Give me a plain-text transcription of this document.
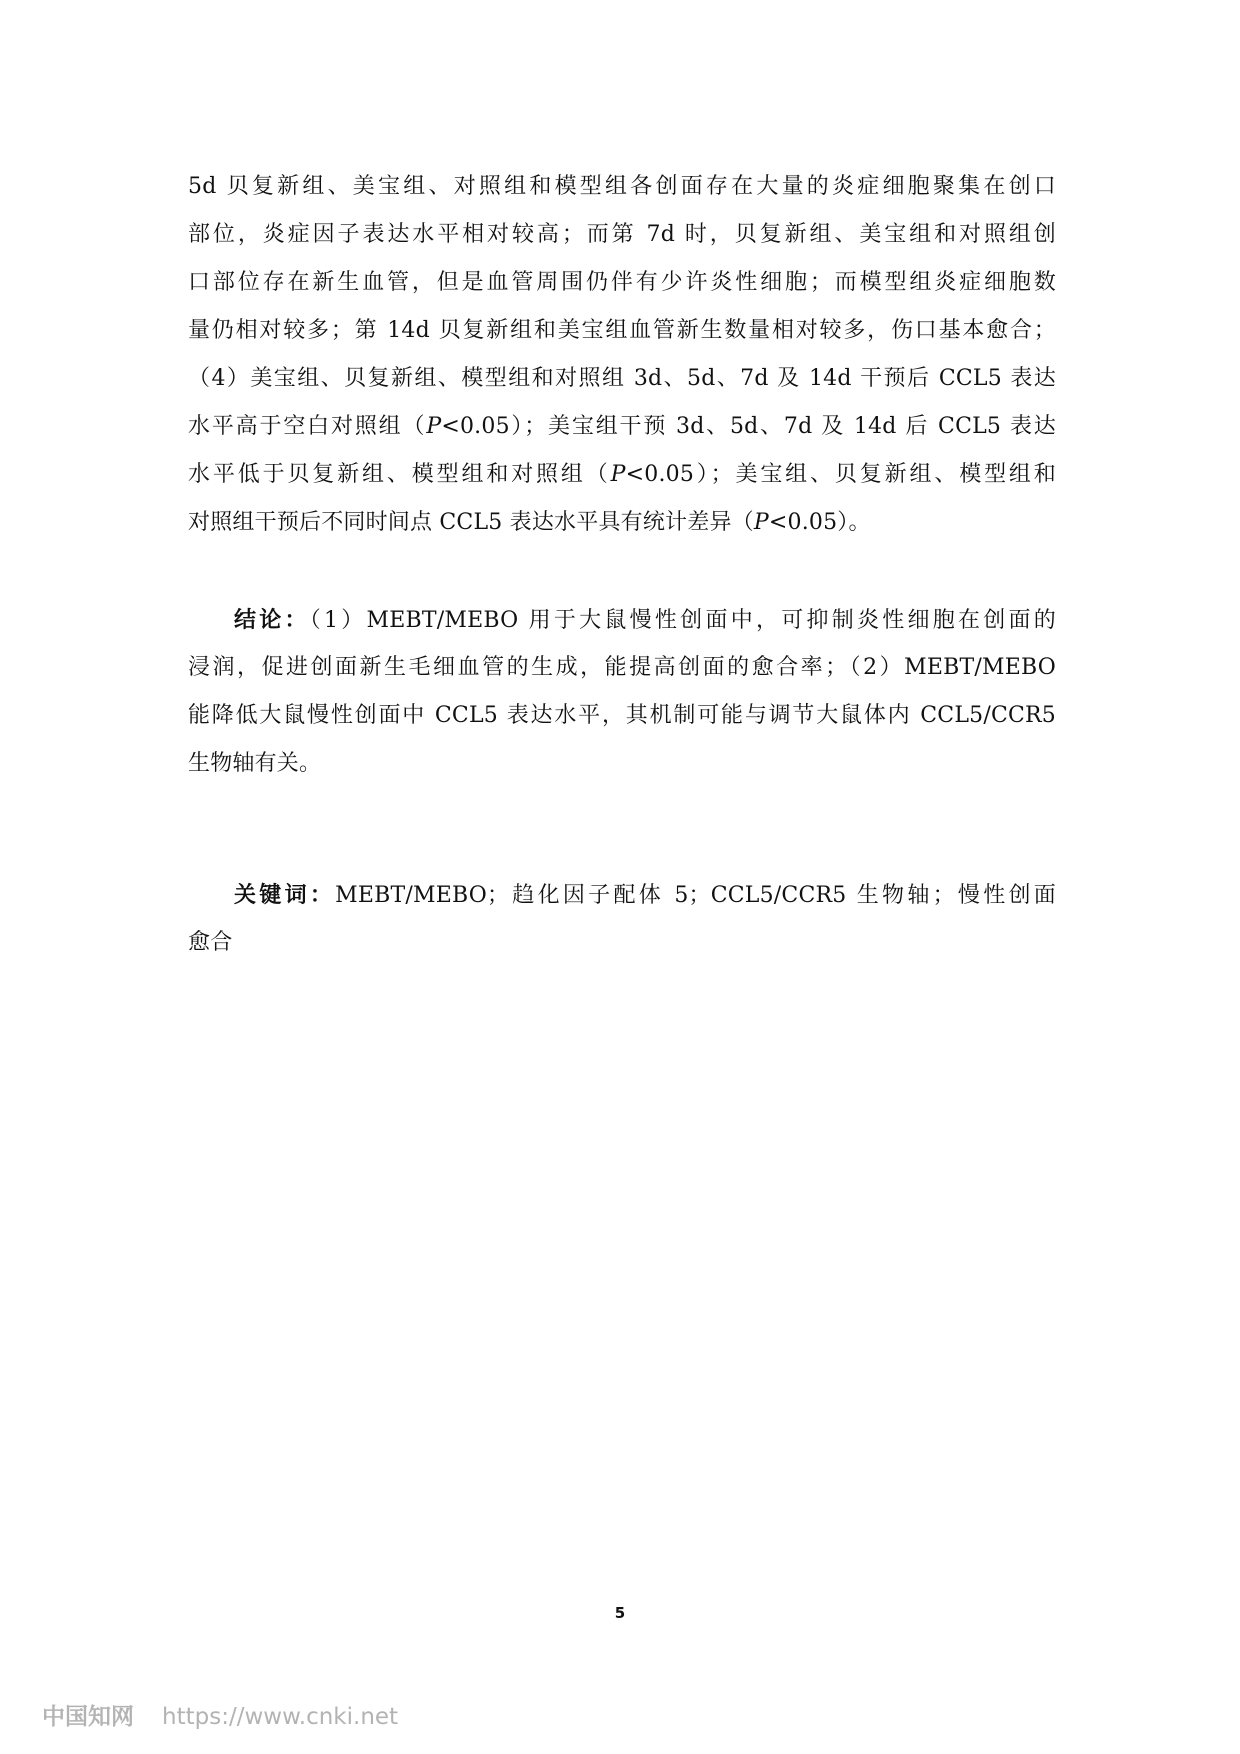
5d 贝复新组、美宝组、对照组和模型组各创面存在大量的炎症细胞聚集在创口
部位，炎症因子表达水平相对较高；而第 7d 时，贝复新组、美宝组和对照组创
口部位存在新生血管，但是血管周围仍伴有少许炎性细胞；而模型组炎症细胞数
量仍相对较多；第 14d 贝复新组和美宝组血管新生数量相对较多，伤口基本愈合；
（4）美宝组、贝复新组、模型组和对照组 3d、5d、7d 及 14d 干预后 CCL5 表达
水平高于空白对照组（P<0.05）；美宝组干预 3d、5d、7d 及 14d 后 CCL5 表达
水平低于贝复新组、模型组和对照组（P<0.05）；美宝组、贝复新组、模型组和
对照组干预后不同时间点 CCL5 表达水平具有统计差异（P<0.05）。
结论：（1）MEBT/MEBO 用于大鼠慢性创面中，可抑制炎性细胞在创面的
浸润，促进创面新生毛细血管的生成，能提高创面的愈合率；（2）MEBT/MEBO
能降低大鼠慢性创面中 CCL5 表达水平，其机制可能与调节大鼠体内 CCL5/CCR5
生物轴有关。
关键词：MEBT/MEBO；趋化因子配体 5；CCL5/CCR5 生物轴；慢性创面
愈合
5
中国知网 https://www.cnki.net
